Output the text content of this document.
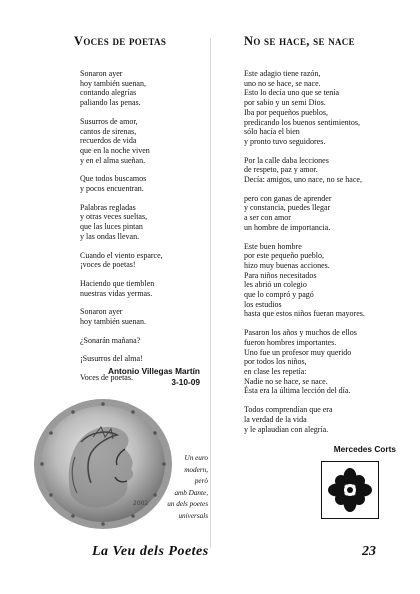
Voces de poetas	No se hace, se nace
Sonaron ayer
hoy también suenan,
contando alegrías
paliando las penas.
Susurros de amor,
cantos de sirenas,
recuerdos de vida
que en la noche viven
y en el alma sueñan.
Que todos buscamos
y pocos encuentran.
Palabras regladas
y otras veces sueltas,
que las luces pintan
y las ondas llevan.
Cuando el viento esparce,
¡voces de poetas!
Haciendo que tiemblen
nuestras vidas yermas.
Sonaron ayer
hoy también suenan.
¿Sonarán mañana?
¡Susurros del alma!
Voces de poetas.
Este adagio tiene razón,
uno no se hace, se nace.
Esto lo decía uno que se tenía
por sabio y un semi Dios.
Iba por pequeños pueblos,
predicando los buenos sentimientos,
sólo hacía el bien
y pronto tuvo seguidores.
Por la calle daba lecciones
de respeto, paz y amor.
Decía: amigos, uno nace, no se hace,
pero con ganas de aprender
y constancia, puedes llegar
a ser con amor
un hombre de importancia.
Este buen hombre
por este pequeño pueblo,
hizo muy buenas acciones.
Para niños necesitados
les abrió un colegio
que lo compró y pagó
los estudios
hasta que estos niños fueran mayores.
Pasaron los años y muchos de ellos
fueron hombres importantes.
Uno fue un profesor muy querido
por todos los niños,
en clase les repetía:
Nadie no se hace, se nace.
Ésta era la última lección del día.
Todos comprendían que era
la verdad de la vida
y le aplaudían con alegría.
Antonio Villegas Martín
3-10-09
2002
Un euro
modern,
però
amb Dante,
un dels poetes
universals
Mercedes Corts
La Veu dels Poetes	23
